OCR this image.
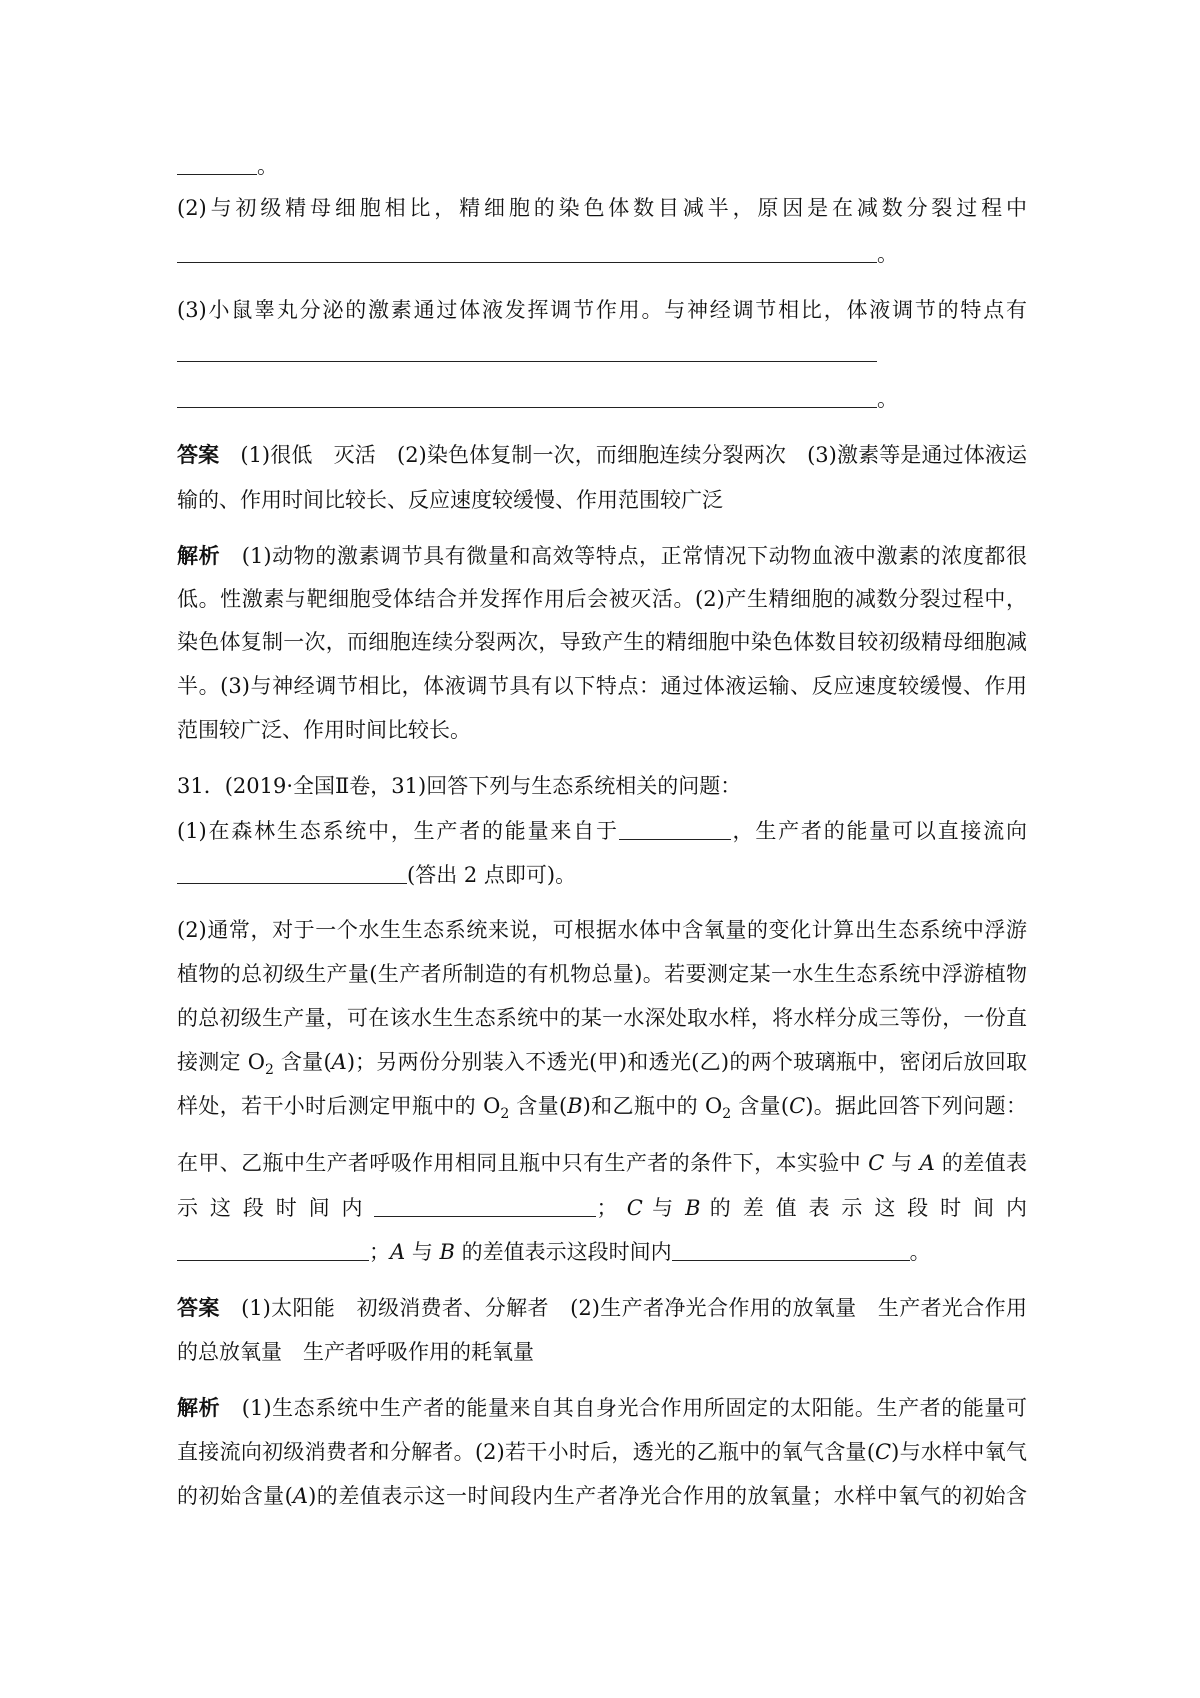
。
(2)与初级精母细胞相比，精细胞的染色体数目减半，原因是在减数分裂过程中
。
(3)小鼠睾丸分泌的激素通过体液发挥调节作用。与神经调节相比，体液调节的特点有
。
答案　 (1)很低　灭活　(2)染色体复制一次，而细胞连续分裂两次　(3)激素等是通过体液运
输的、作用时间比较长、反应速度较缓慢、作用范围较广泛
解析　 (1)动物的激素调节具有微量和高效等特点，正常情况下动物血液中激素的浓度都很
低。性激素与靶细胞受体结合并发挥作用后会被灭活。(2)产生精细胞的减数分裂过程中，
染色体复制一次，而细胞连续分裂两次，导致产生的精细胞中染色体数目较初级精母细胞减
半。(3)与神经调节相比，体液调节具有以下特点：通过体液运输、反应速度较缓慢、作用
范围较广泛、作用时间比较长。
31．(2019·全国Ⅱ卷，31)回答下列与生态系统相关的问题：
(1)在森林生态系统中，生产者的能量来自于	，生产者的能量可以直接流向
(答出 2 点即可)。
(2)通常，对于一个水生生态系统来说，可根据水体中含氧量的变化计算出生态系统中浮游
植物的总初级生产量(生产者所制造的有机物总量)。若要测定某一水生生态系统中浮游植物
的总初级生产量，可在该水生生态系统中的某一水深处取水样，将水样分成三等份，一份直
接测定 $O_2$ 含量(A)；另两份分别装入不透光(甲)和透光(乙)的两个玻璃瓶中，密闭后放回取
样处，若干小时后测定甲瓶中的 $O_2$ 含量(B)和乙瓶中的 $O_2$ 含量(C)。据此回答下列问题：
在甲、乙瓶中生产者呼吸作用相同且瓶中只有生产者的条件下，本实验中 C 与 A 的差值表
示 这 段 时 间 内	； C 与 B 的 差 值 表 示 这 段 时 间 内
；A 与 B 的差值表示这段时间内	。
答案　 (1)太阳能　初级消费者、分解者　(2)生产者净光合作用的放氧量　生产者光合作用
的总放氧量　生产者呼吸作用的耗氧量
解析　 (1)生态系统中生产者的能量来自其自身光合作用所固定的太阳能。生产者的能量可
直接流向初级消费者和分解者。(2)若干小时后，透光的乙瓶中的氧气含量(C)与水样中氧气
的初始含量(A)的差值表示这一时间段内生产者净光合作用的放氧量；水样中氧气的初始含
